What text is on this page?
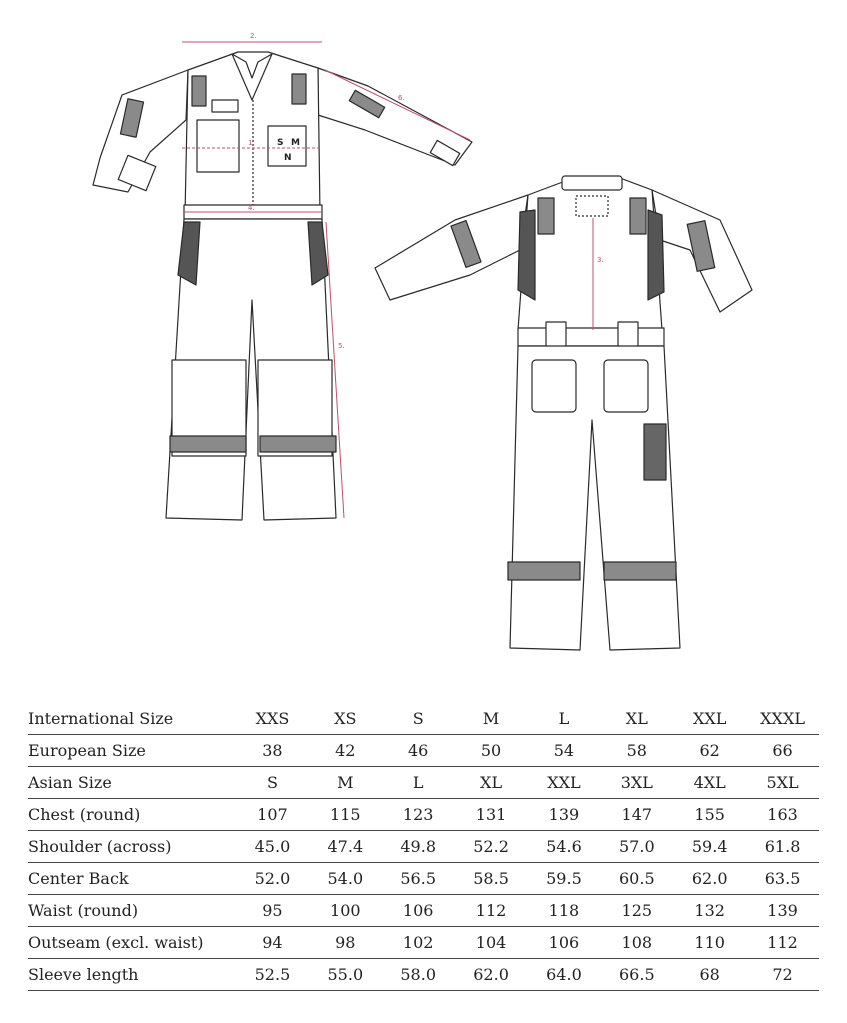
S M
N
2.
6.
1.
4.
5.
3.
International Size	XXS	XS	S	M	L	XL	XXL	XXXL
European Size	38	42	46	50	54	58	62	66
Asian Size	S	M	L	XL	XXL	3XL	4XL	5XL
Chest (round)	107	115	123	131	139	147	155	163
Shoulder (across)	45.0	47.4	49.8	52.2	54.6	57.0	59.4	61.8
Center Back	52.0	54.0	56.5	58.5	59.5	60.5	62.0	63.5
Waist (round)	95	100	106	112	118	125	132	139
Outseam (excl. waist)	94	98	102	104	106	108	110	112
Sleeve length	52.5	55.0	58.0	62.0	64.0	66.5	68	72
